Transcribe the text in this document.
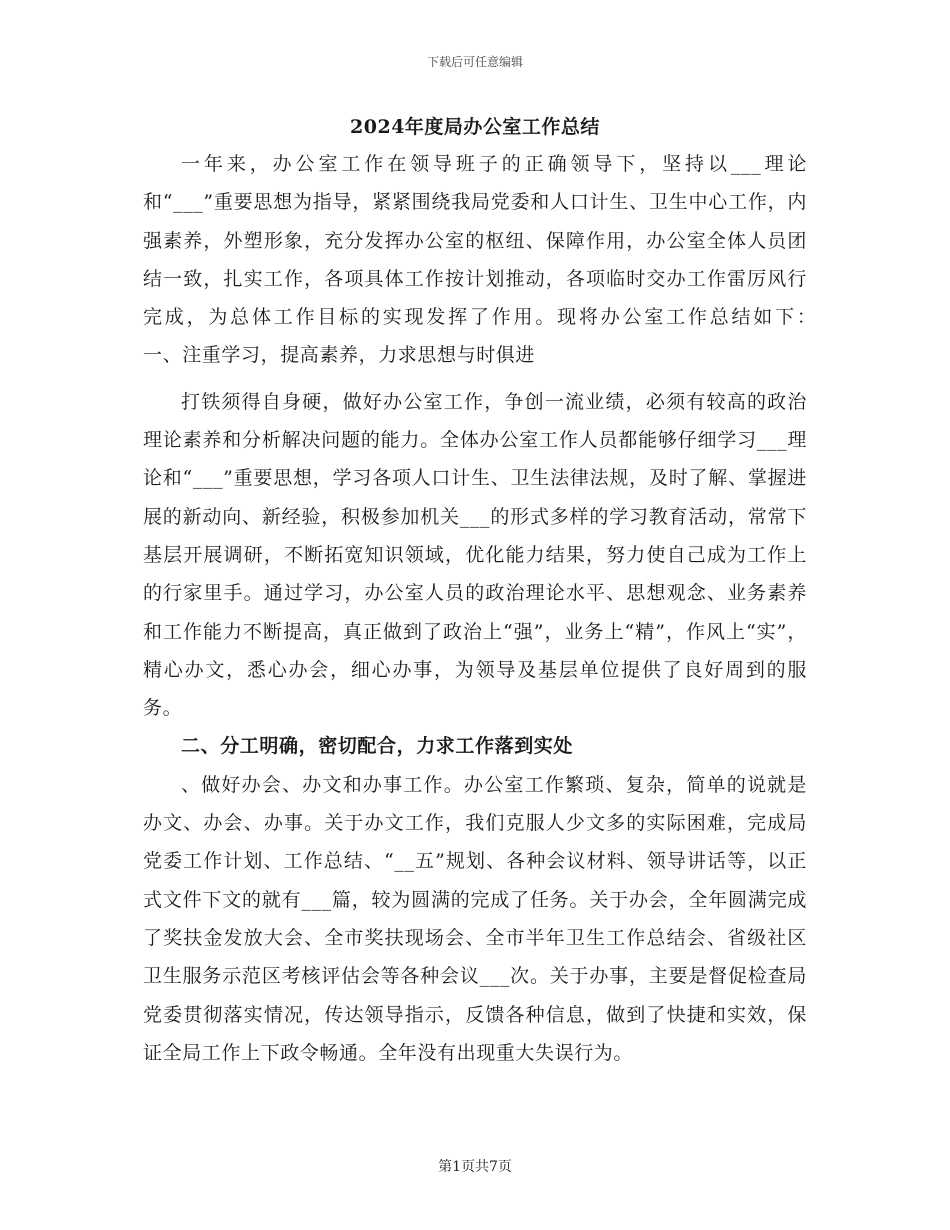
下载后可任意编辑
2024年度局办公室工作总结

一年来，办公室工作在领导班子的正确领导下，坚持以___理论和“___”重要思想为指导，紧紧围绕我局党委和人口计生、卫生中心工作，内强素养，外塑形象，充分发挥办公室的枢纽、保障作用，办公室全体人员团结一致，扎实工作，各项具体工作按计划推动，各项临时交办工作雷厉风行完成，为总体工作目标的实现发挥了作用。现将办公室工作总结如下：　　一、注重学习，提高素养，力求思想与时俱进

打铁须得自身硬，做好办公室工作，争创一流业绩，必须有较高的政治理论素养和分析解决问题的能力。全体办公室工作人员都能够仔细学习___理论和“___”重要思想，学习各项人口计生、卫生法律法规，及时了解、掌握进展的新动向、新经验，积极参加机关___的形式多样的学习教育活动，常常下基层开展调研，不断拓宽知识领域，优化能力结果，努力使自己成为工作上的行家里手。通过学习，办公室人员的政治理论水平、思想观念、业务素养和工作能力不断提高，真正做到了政治上“强”，业务上“精”，作风上“实”，精心办文，悉心办会，细心办事，为领导及基层单位提供了良好周到的服务。

二、分工明确，密切配合，力求工作落到实处

、做好办会、办文和办事工作。办公室工作繁琐、复杂，简单的说就是办文、办会、办事。关于办文工作，我们克服人少文多的实际困难，完成局党委工作计划、工作总结、“__五”规划、各种会议材料、领导讲话等，以正式文件下文的就有___篇，较为圆满的完成了任务。关于办会，全年圆满完成了奖扶金发放大会、全市奖扶现场会、全市半年卫生工作总结会、省级社区卫生服务示范区考核评估会等各种会议___次。关于办事，主要是督促检查局党委贯彻落实情况，传达领导指示，反馈各种信息，做到了快捷和实效，保证全局工作上下政令畅通。全年没有出现重大失误行为。

第1页共7页
